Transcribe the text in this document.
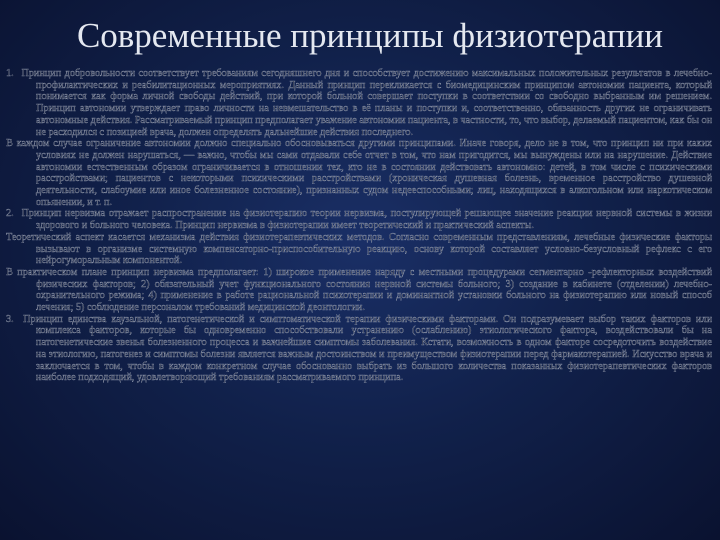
Современные принципы физиотерапии

1. Принцип добровольности соответствует требованиям сегодняшнего дня и способствует достижению максимальных положительных результатов в лечебно-профилактических и реабилитационных мероприятиях. Данный принцип перекликается с биомедицинским принципом автономии пациента, который понимается как форма личной свободы действий, при которой больной совершает поступки в соответствии со свободно выбранным им решением. Принцип автономии утверждает право личности на невмешательство в её планы и поступки и, соответственно, обязанность других не ограничивать автономные действия. Рассматриваемый принцип предполагает уважение автономии пациента, в частности, то, что выбор, делаемый пациентом, как бы он не расходился с позицией врача, должен определять дальнейшие действия последнего.

В каждом случае ограничение автономии должно специально обосновываться другими принципами. Иначе говоря, дело не в том, что принцип ни при каких условиях не должен нарушаться, — важно, чтобы мы сами отдавали себе отчет в том, что нам пригодится, мы вынуждены или на нарушение. Действие автономии естественным образом ограничивается в отношении тех, кто не в состоянии действовать автономно: детей, в том числе с психическими расстройствами; пациентов с некоторыми психическими расстройствами (хроническая душевная болезнь, временное расстройство душевной деятельности, слабоумие или иное болезненное состояние), признанных судом недееспособными; лиц, находящихся в алкогольном или наркотическом опьянении, и т. п.

2. Принцип нервизма отражает распространение на физиотерапию теории нервизма, постулирующей решающее значение реакции нервной системы в жизни здорового и больного человека. Принцип нервизма в физиотерапии имеет теоретический и практический аспекты.

Теоретический аспект касается механизма действия физиотерапевтических методов. Согласно современным представлениям, лечебные физические факторы вызывают в организме системную компенсаторно-приспособительную реакцию, основу которой составляет условно-безусловный рефлекс с его нейрогуморальным компонентой.

В практическом плане принцип нервизма предполагает: 1) широкое применение наряду с местными процедурами сегментарно -рефлекторных воздействий физических факторов; 2) обязательный учет функционального состояния нервной системы больного; 3) создание в кабинете (отделении) лечебно-охранительного режима; 4) применение в работе рациональной психотерапии и доминантной установки больного на физиотерапию или новый способ лечения; 5) соблюдение персоналом требований медицинской деонтологии.

3. Принцип единства каузальной, патогенетической и симптоматической терапии физическими факторами. Он подразумевает выбор таких факторов или комплекса факторов, которые бы одновременно способствовали устранению (ослаблению) этиологического фактора, воздействовали бы на патогенетические звенья болезненного процесса и важнейшие симптомы заболевания. Кстати, возможность в одном факторе сосредоточить воздействие на этиологию, патогенез и симптомы болезни является важным достоинством и преимуществом физиотерапии перед фармакотерапией. Искусство врача и заключается в том, чтобы в каждом конкретном случае обоснованно выбрать из большого количества показанных физиотерапевтических факторов наиболее подходящий, удовлетворяющий требованиям рассматриваемого принципа.
